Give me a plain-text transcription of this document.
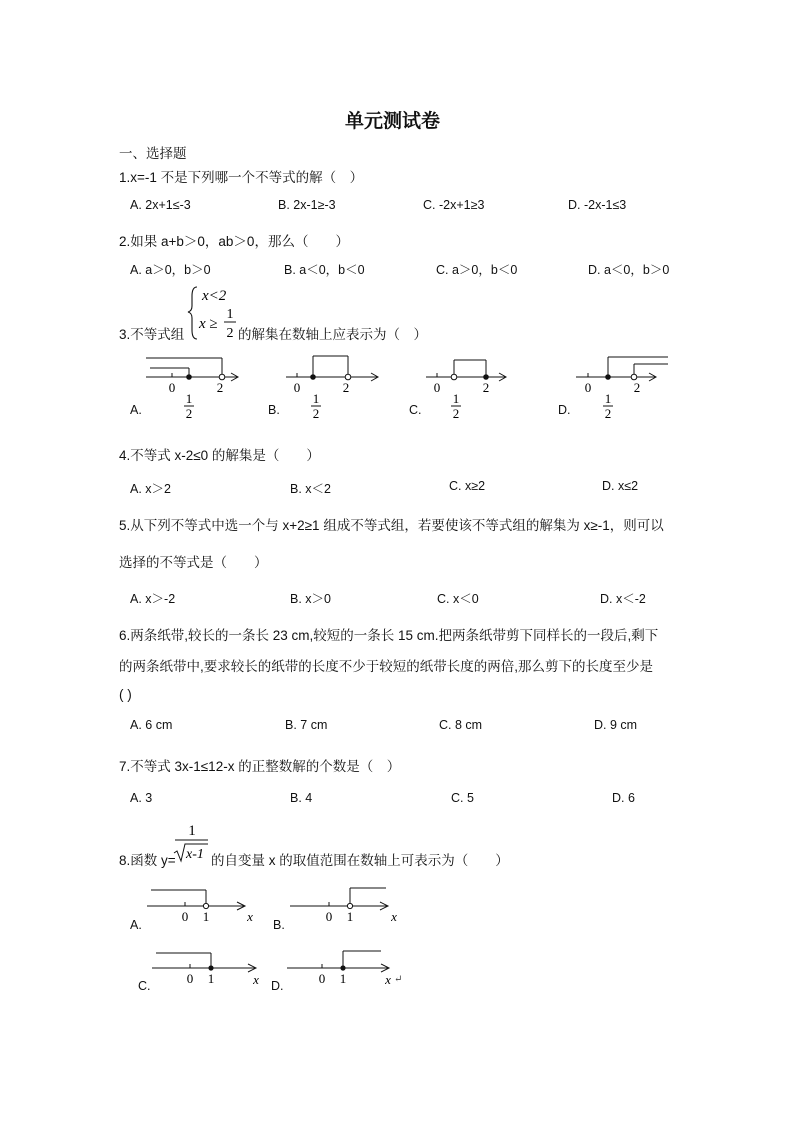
单元测试卷
一、选择题
1.x=-1 不是下列哪一个不等式的解（　）
A. 2x+1≤-3	B. 2x-1≥-3	C. -2x+1≥3	D. -2x-1≤3
2.如果 a+b＞0，ab＞0，那么（　　）
A. a＞0，b＞0	B. a＜0，b＜0	C. a＞0，b＜0	D. a＜0，b＞0
3.不等式组
x<2
x ≥
1
2 的解集在数轴上应表示为（　）
0	2
1
2
A.
0	2
1
2
B.
0	2
1
2
C.
0	2
1
2
D.
4.不等式 x-2≤0 的解集是（　　）
A. x＞2	B. x＜2	C. x≥2	D. x≤2
5.从下列不等式中选一个与 x+2≥1 组成不等式组，若要使该不等式组的解集为 x≥-1，则可以
选择的不等式是（　　）
A. x＞-2	B. x＞0	C. x＜0	D. x＜-2
6.两条纸带,较长的一条长 23 cm,较短的一条长 15 cm.把两条纸带剪下同样长的一段后,剩下
的两条纸带中,要求较长的纸带的长度不少于较短的纸带长度的两倍,那么剪下的长度至少是
( )
A. 6 cm	B. 7 cm	C. 8 cm	D. 9 cm
7.不等式 3x-1≤12-x 的正整数解的个数是（　）
A. 3	B. 4	C. 5	D. 6
8.函数 y=
1
x-1 的自变量 x 的取值范围在数轴上可表示为（　　）
0 1	x
A.
0 1	x
B.
0 1	x
C.	0 1	x ↵
D.
